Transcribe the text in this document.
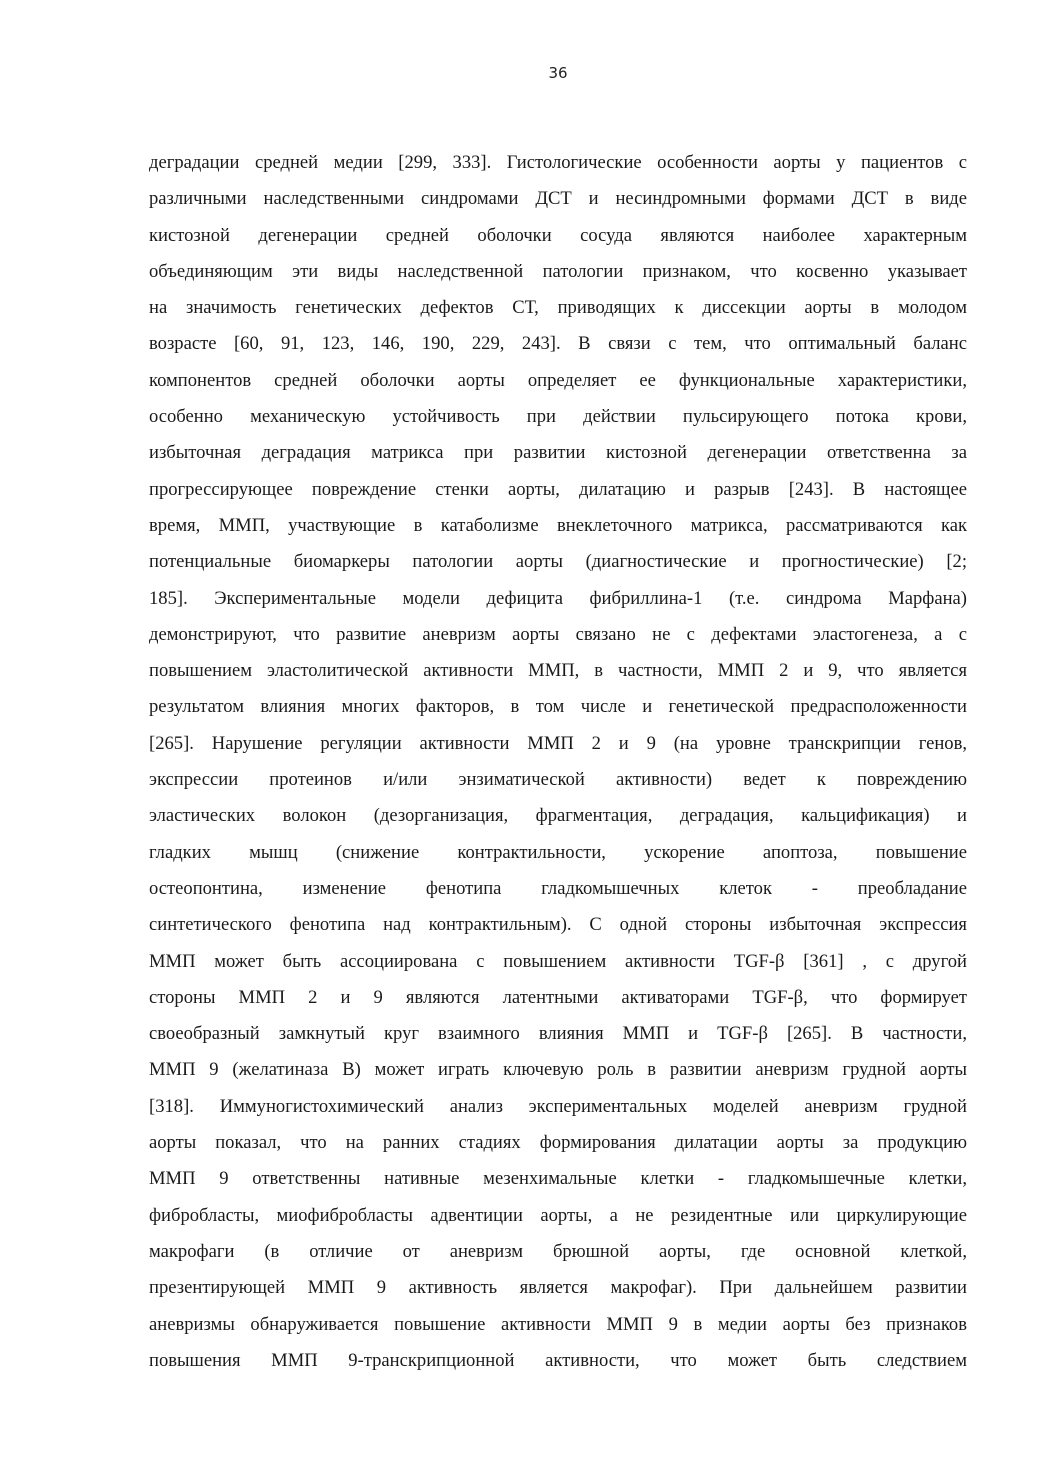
36
деградации средней медии [299, 333]. Гистологические особенности аорты у пациентов с
различными наследственными синдромами ДСТ и несиндромными формами ДСТ в виде
кистозной дегенерации средней оболочки сосуда являются наиболее характерным
объединяющим эти виды наследственной патологии признаком, что косвенно указывает
на значимость генетических дефектов СТ, приводящих к диссекции аорты в молодом
возрасте [60, 91, 123, 146, 190, 229, 243]. В связи с тем, что оптимальный баланс
компонентов средней оболочки аорты определяет ее функциональные характеристики,
особенно механическую устойчивость при действии пульсирующего потока крови,
избыточная деградация матрикса при развитии кистозной дегенерации ответственна за
прогрессирующее повреждение стенки аорты, дилатацию и разрыв [243]. В настоящее
время, ММП, участвующие в катаболизме внеклеточного матрикса, рассматриваются как
потенциальные биомаркеры патологии аорты (диагностические и прогностические) [2;
185]. Экспериментальные модели дефицита фибриллина-1 (т.е. синдрома Марфана)
демонстрируют, что развитие аневризм аорты связано не с дефектами эластогенеза, а с
повышением эластолитической активности ММП, в частности, ММП 2 и 9, что является
результатом влияния многих факторов, в том числе и генетической предрасположенности
[265]. Нарушение регуляции активности ММП 2 и 9 (на уровне транскрипции генов,
экспрессии протеинов и/или энзиматической активности) ведет к повреждению
эластических волокон (дезорганизация, фрагментация, деградация, кальцификация) и
гладких мышц (снижение контрактильности, ускорение апоптоза, повышение
остеопонтина, изменение фенотипа гладкомышечных клеток - преобладание
синтетического фенотипа над контрактильным). С одной стороны избыточная экспрессия
ММП может быть ассоциирована с повышением активности TGF-β [361] , с другой
стороны ММП 2 и 9 являются латентными активаторами TGF-β, что формирует
своеобразный замкнутый круг взаимного влияния ММП и TGF-β [265]. В частности,
ММП 9 (желатиназа В) может играть ключевую роль в развитии аневризм грудной аорты
[318]. Иммуногистохимический анализ экспериментальных моделей аневризм грудной
аорты показал, что на ранних стадиях формирования дилатации аорты за продукцию
ММП 9 ответственны нативные мезенхимальные клетки - гладкомышечные клетки,
фибробласты, миофибробласты адвентиции аорты, а не резидентные или циркулирующие
макрофаги (в отличие от аневризм брюшной аорты, где основной клеткой,
презентирующей ММП 9 активность является макрофаг). При дальнейшем развитии
аневризмы обнаруживается повышение активности ММП 9 в медии аорты без признаков
повышения ММП 9-транскрипционной активности, что может быть следствием
